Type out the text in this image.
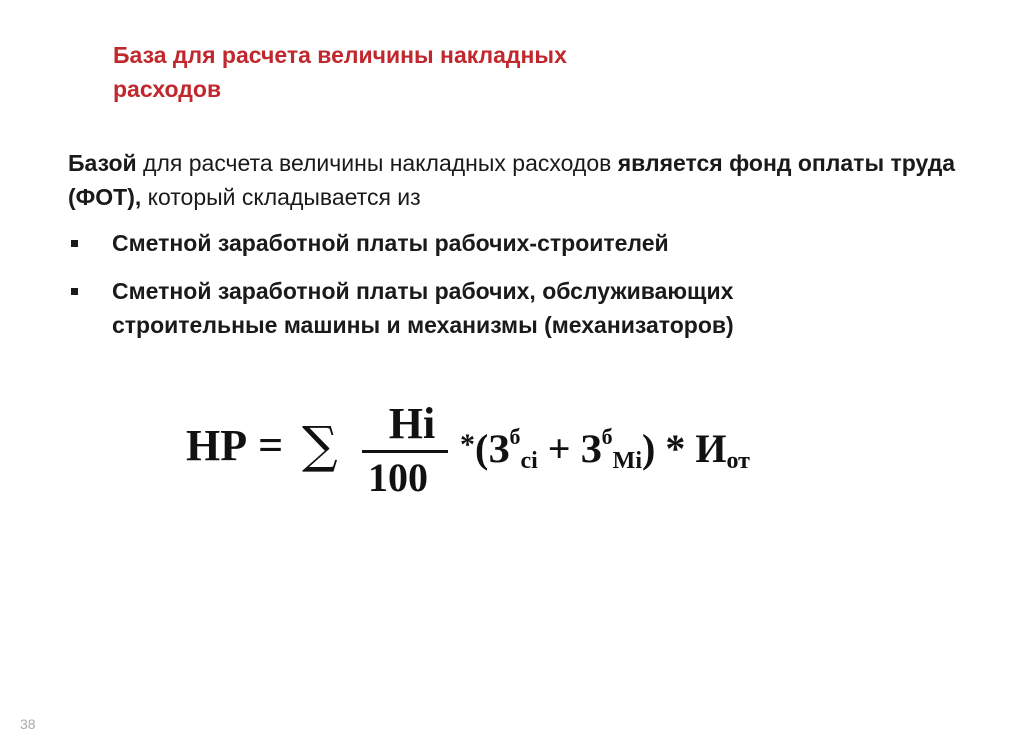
База для расчета величины накладных
расходов
Базой для расчета величины накладных расходов является фонд оплаты труда (ФОТ), который складывается из
Сметной заработной платы рабочих-строителей
Сметной заработной платы рабочих, обслуживающих
строительные машины и механизмы (механизаторов)
НР = ∑ Нi
100
$^*(З^б_{ci} + З^б_{Mi}) * И_{от}$
38
